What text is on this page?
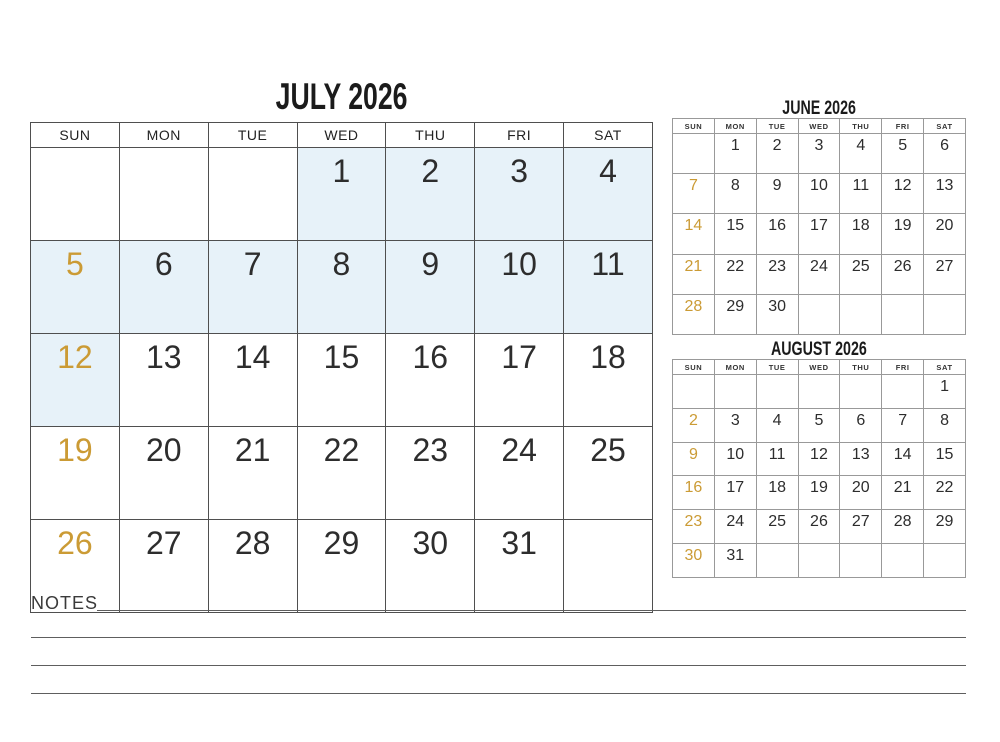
JULY 2026
SUN	MON	TUE	WED	THU	FRI	SAT
			1	2	3	4
5	6	7	8	9	10	11
12	13	14	15	16	17	18
19	20	21	22	23	24	25
26	27	28	29	30	31	
JUNE 2026
SUN	MON	TUE	WED	THU	FRI	SAT
	1	2	3	4	5	6
7	8	9	10	11	12	13
14	15	16	17	18	19	20
21	22	23	24	25	26	27
28	29	30				
AUGUST 2026
SUN	MON	TUE	WED	THU	FRI	SAT
						1
2	3	4	5	6	7	8
9	10	11	12	13	14	15
16	17	18	19	20	21	22
23	24	25	26	27	28	29
30	31					
NOTES
